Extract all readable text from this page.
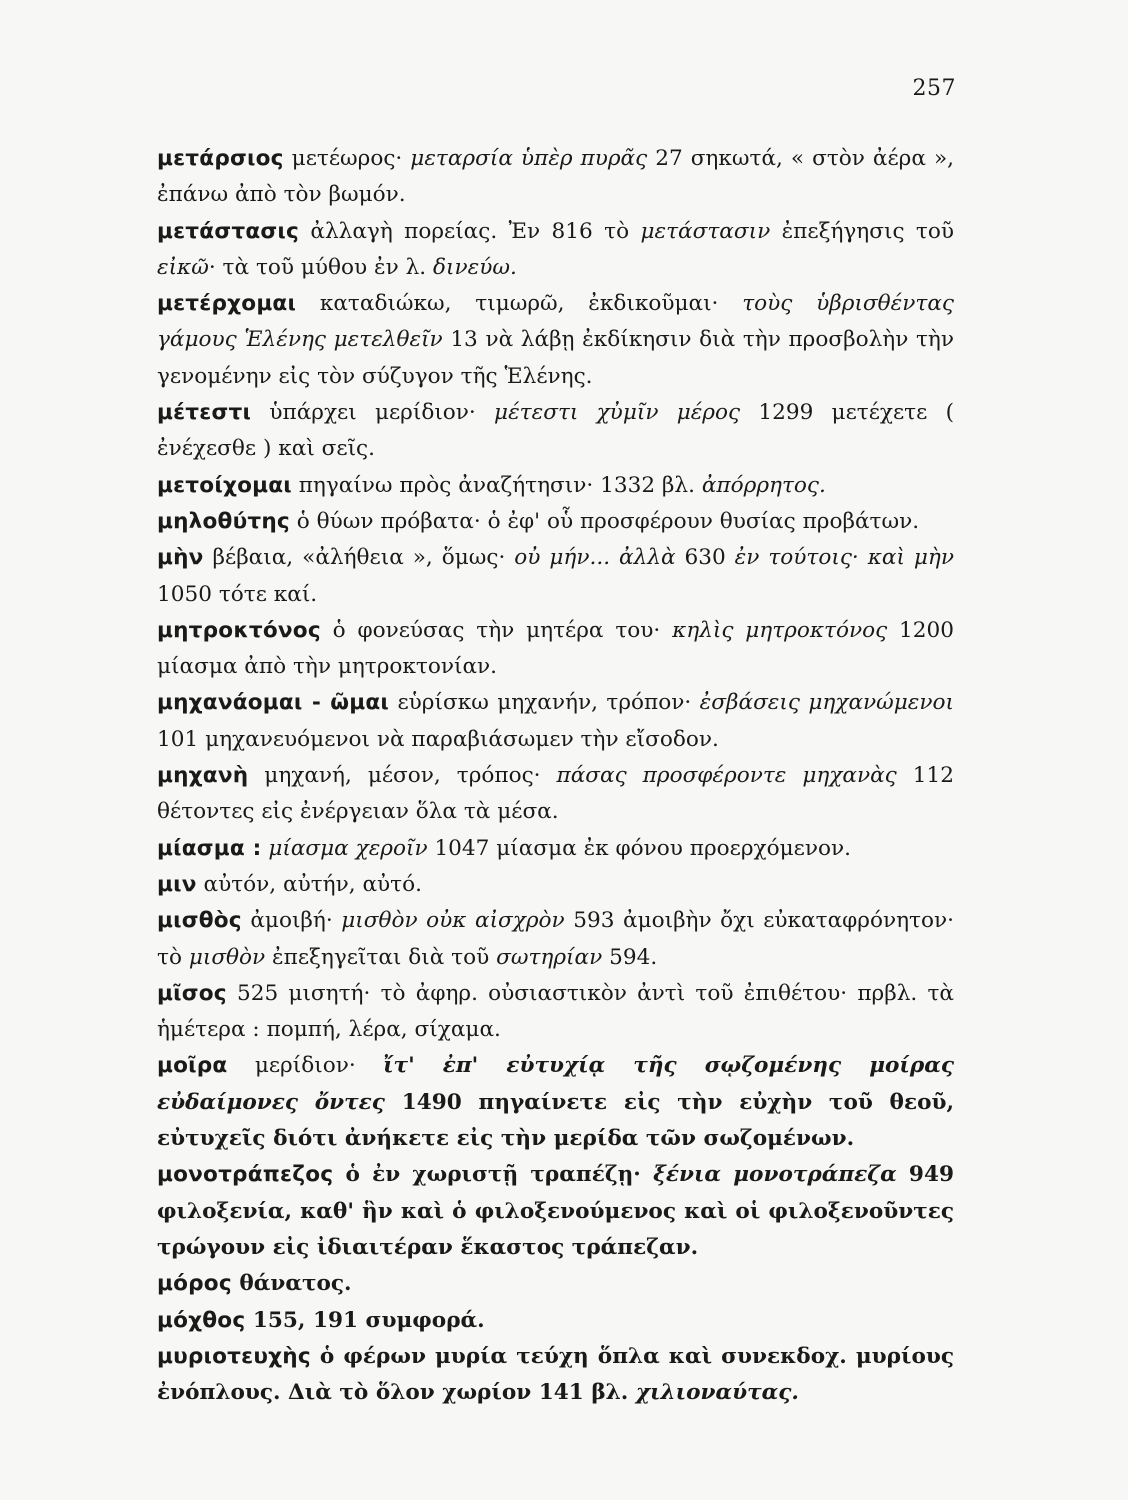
257

μετάρσιος μετέωρος· μεταρσία ὑπὲρ πυρᾶς 27 σηκωτά, « στὸν ἀέρα », ἐπάνω ἀπὸ τὸν βωμόν.

μετάστασις ἀλλαγὴ πορείας. Ἐν 816 τὸ μετάστασιν ἐπεξήγησις τοῦ εἰκῶ· τὰ τοῦ μύθου ἐν λ. δινεύω.

μετέρχομαι καταδιώκω, τιμωρῶ, ἐκδικοῦμαι· τοὺς ὑβρισθέντας γάμους Ἑλένης μετελθεῖν 13 νὰ λάβῃ ἐκδίκησιν διὰ τὴν προσβολὴν τὴν γενομένην εἰς τὸν σύζυγον τῆς Ἑλένης.

μέτεστι ὑπάρχει μερίδιον· μέτεστι χὐμῖν μέρος 1299 μετέχετε ( ἐνέχεσθε ) καὶ σεῖς.

μετοίχομαι πηγαίνω πρὸς ἀναζήτησιν· 1332 βλ. ἀπόρρητος.

μηλοθύτης ὁ θύων πρόβατα· ὁ ἐφ' οὗ προσφέρουν θυσίας προβάτων.

μὴν βέβαια, «ἀλήθεια », ὅμως· οὐ μήν... ἀλλὰ 630 ἐν τούτοις· καὶ μὴν 1050 τότε καί.

μητροκτόνος ὁ φονεύσας τὴν μητέρα του· κηλὶς μητροκτόνος 1200 μίασμα ἀπὸ τὴν μητροκτονίαν.

μηχανάομαι - ῶμαι εὑρίσκω μηχανήν, τρόπον· ἐσβάσεις μηχανώμενοι 101 μηχανευόμενοι νὰ παραβιάσωμεν τὴν εἴσοδον.

μηχανὴ μηχανή, μέσον, τρόπος· πάσας προσφέροντε μηχανὰς 112 θέτοντες εἰς ἐνέργειαν ὅλα τὰ μέσα.

μίασμα : μίασμα χεροῖν 1047 μίασμα ἐκ φόνου προερχόμενον.

μιν αὐτόν, αὐτήν, αὐτό.

μισθὸς ἀμοιβή· μισθὸν οὐκ αἰσχρὸν 593 ἀμοιβὴν ὄχι εὐκαταφρόνητον· τὸ μισθὸν ἐπεξηγεῖται διὰ τοῦ σωτηρίαν 594.

μῖσος 525 μισητή· τὸ ἀφηρ. οὐσιαστικὸν ἀντὶ τοῦ ἐπιθέτου· πρβλ. τὰ ἡμέτερα : πομπή, λέρα, σίχαμα.

μοῖρα μερίδιον· ἴτ' ἐπ' εὐτυχίᾳ τῆς σῳζομένης μοίρας εὐδαίμονες ὄντες 1490 πηγαίνετε εἰς τὴν εὐχὴν τοῦ θεοῦ, εὐτυχεῖς διότι ἀνήκετε εἰς τὴν μερίδα τῶν σωζομένων.

μονοτράπεζος ὁ ἐν χωριστῇ τραπέζῃ· ξένια μονοτράπεζα 949 φιλοξενία, καθ' ἣν καὶ ὁ φιλοξενούμενος καὶ οἱ φιλοξενοῦντες τρώγουν εἰς ἰδιαιτέραν ἕκαστος τράπεζαν.

μόρος θάνατος.

μόχθος 155, 191 συμφορά.

μυριοτευχὴς ὁ φέρων μυρία τεύχη ὅπλα καὶ συνεκδοχ. μυρίους ἐνόπλους. Διὰ τὸ ὅλον χωρίον 141 βλ. χιλιοναύτας.
